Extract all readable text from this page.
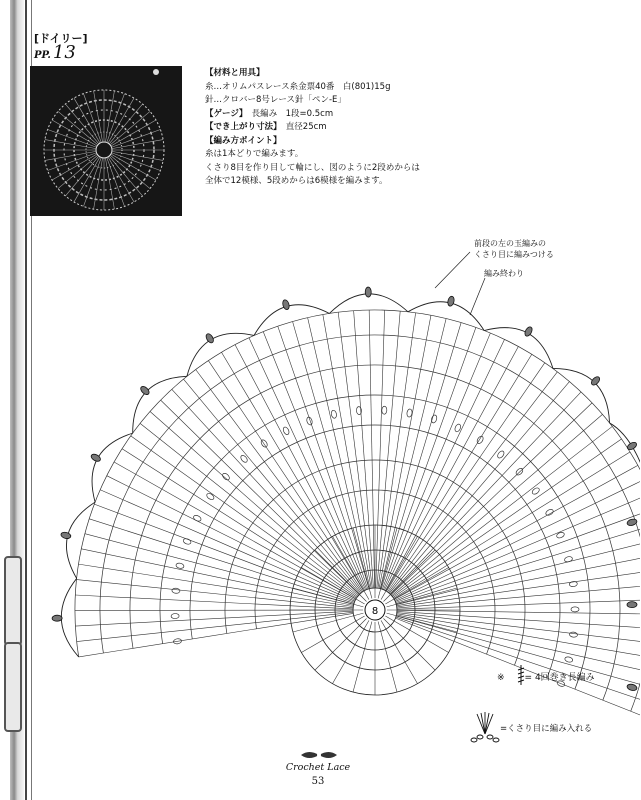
[ドイリー]
PP. 13
【材料と用具】
糸…オリムパスレース糸金票40番　白(801)15g
針…クロバー8号レース針「ペン-E」
【ゲージ】　 長編み　1段=0.5cm
【でき上がり寸法】　 直径25cm
【編み方ポイント】
糸は1本どりで編みます。
くさり8目を作り目して輪にし、図のように2段めからは
全体で12模様、5段めからは6模様を編みます。
8
前段の左の玉編みの
くさり目に編みつける
編み終わり
※ = 4回巻き長編み
=くさり目に編み入れる
Crochet Lace
53
